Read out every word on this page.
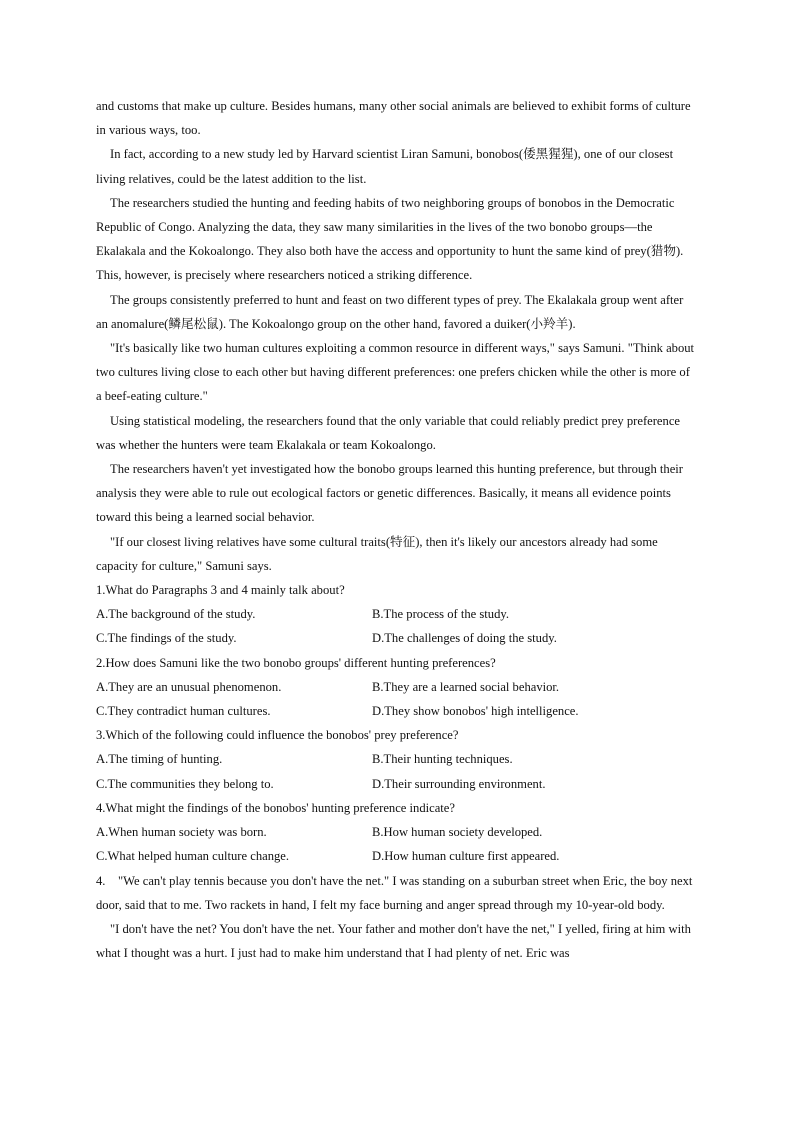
and customs that make up culture. Besides humans, many other social animals are believed to exhibit forms of culture in various ways, too.

In fact, according to a new study led by Harvard scientist Liran Samuni, bonobos(倭黑猩猩), one of our closest living relatives, could be the latest addition to the list.

The researchers studied the hunting and feeding habits of two neighboring groups of bonobos in the Democratic Republic of Congo. Analyzing the data, they saw many similarities in the lives of the two bonobo groups—the Ekalakala and the Kokoalongo. They also both have the access and opportunity to hunt the same kind of prey(猎物). This, however, is precisely where researchers noticed a striking difference.

The groups consistently preferred to hunt and feast on two different types of prey. The Ekalakala group went after an anomalure(鳞尾松鼠). The Kokoalongo group on the other hand, favored a duiker(小羚羊).

"It's basically like two human cultures exploiting a common resource in different ways," says Samuni. "Think about two cultures living close to each other but having different preferences: one prefers chicken while the other is more of a beef-eating culture."

Using statistical modeling, the researchers found that the only variable that could reliably predict prey preference was whether the hunters were team Ekalakala or team Kokoalongo.

The researchers haven't yet investigated how the bonobo groups learned this hunting preference, but through their analysis they were able to rule out ecological factors or genetic differences. Basically, it means all evidence points toward this being a learned social behavior.

"If our closest living relatives have some cultural traits(特征), then it's likely our ancestors already had some capacity for culture," Samuni says.

1.What do Paragraphs 3 and 4 mainly talk about?

A.The background of the study.	B.The process of the study.
C.The findings of the study.	D.The challenges of doing the study.

2.How does Samuni like the two bonobo groups' different hunting preferences?

A.They are an unusual phenomenon.	B.They are a learned social behavior.
C.They contradict human cultures.	D.They show bonobos' high intelligence.

3.Which of the following could influence the bonobos' prey preference?

A.The timing of hunting.	B.Their hunting techniques.
C.The communities they belong to.	D.Their surrounding environment.

4.What might the findings of the bonobos' hunting preference indicate?

A.When human society was born.	B.How human society developed.
C.What helped human culture change.	D.How human culture first appeared.

4. "We can't play tennis because you don't have the net." I was standing on a suburban street when Eric, the boy next door, said that to me. Two rackets in hand, I felt my face burning and anger spread through my 10-year-old body.

"I don't have the net? You don't have the net. Your father and mother don't have the net," I yelled, firing at him with what I thought was a hurt. I just had to make him understand that I had plenty of net. Eric was
